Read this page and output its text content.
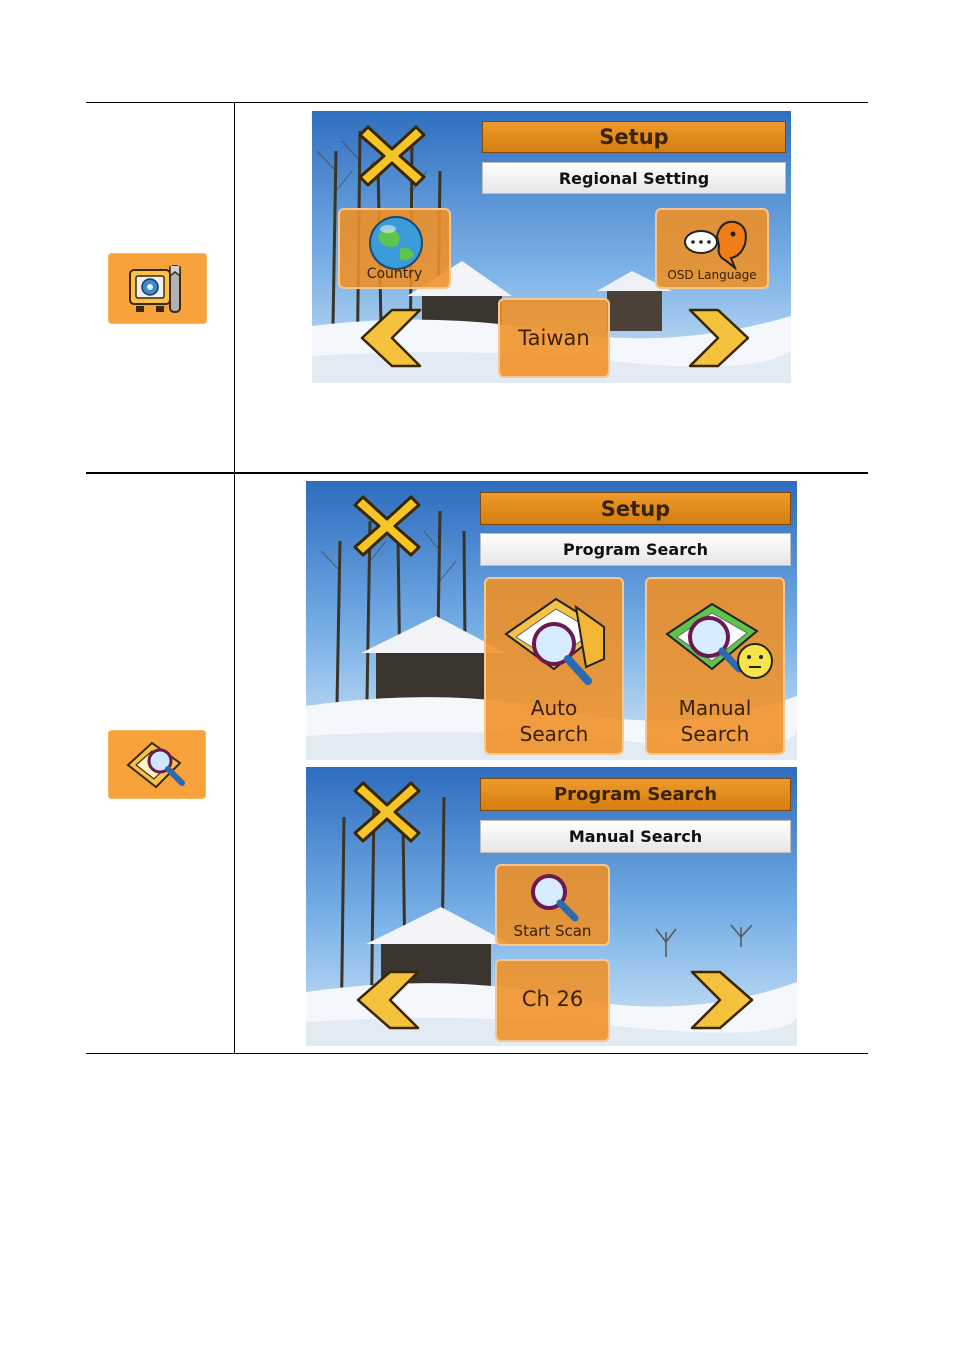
Setup
Regional Setting
Country	OSD Language
Taiwan
Setup
Program Search
Auto
Search
Manual
Search
Program Search
Manual Search
Start Scan
Ch 26
